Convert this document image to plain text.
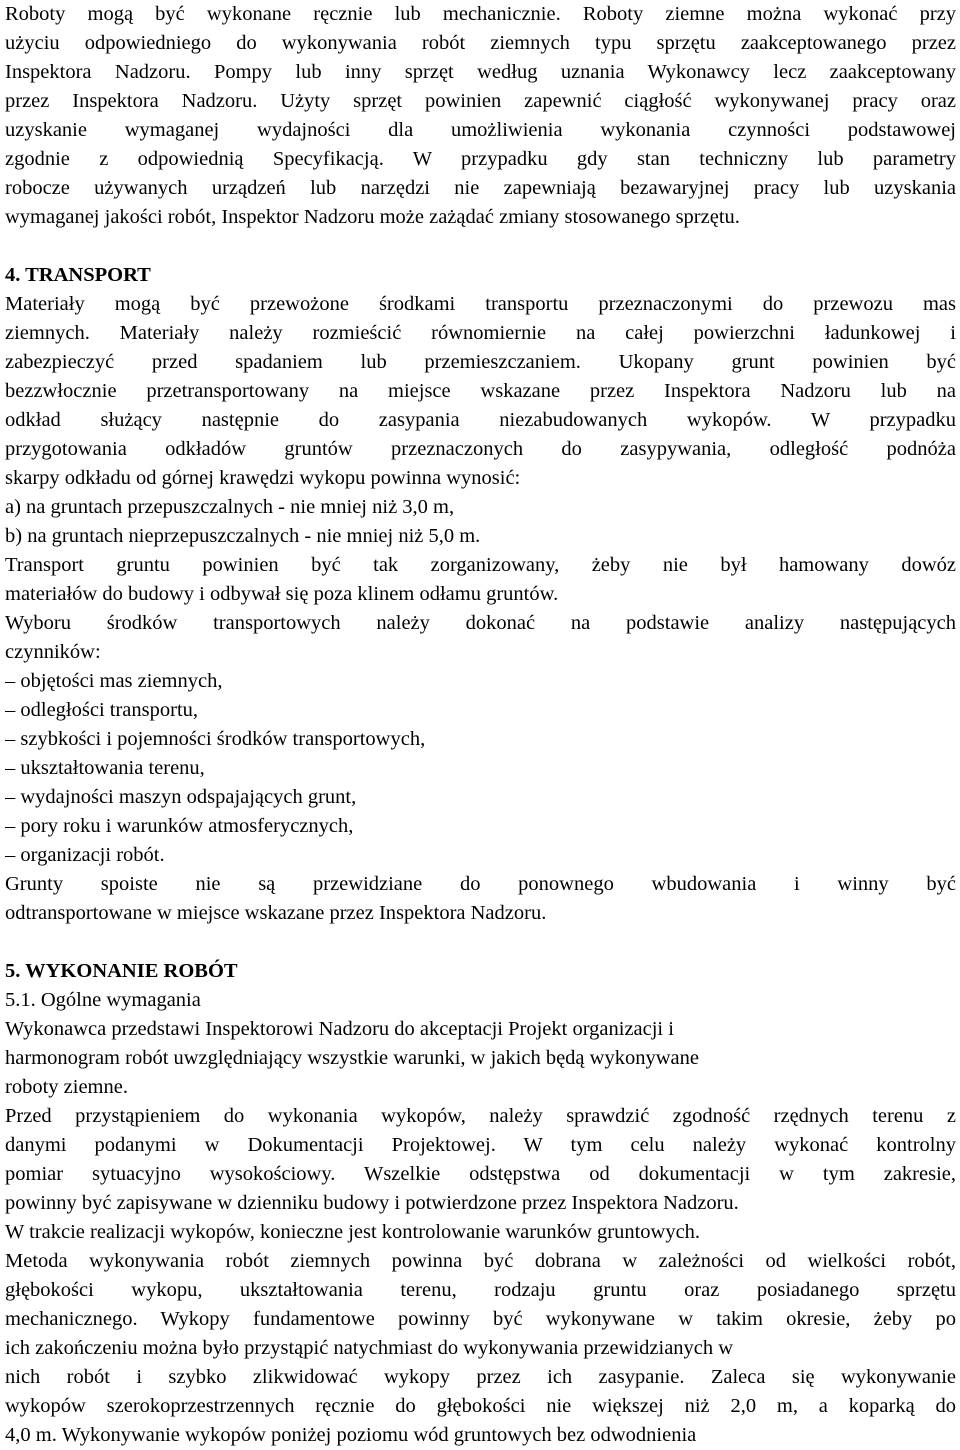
Roboty mogą być wykonane ręcznie lub mechanicznie. Roboty ziemne można wykonać przy
użyciu odpowiedniego do wykonywania robót ziemnych typu sprzętu zaakceptowanego przez
Inspektora Nadzoru. Pompy lub inny sprzęt według uznania Wykonawcy lecz zaakceptowany
przez Inspektora Nadzoru. Użyty sprzęt powinien zapewnić ciągłość wykonywanej pracy oraz
uzyskanie wymaganej wydajności dla umożliwienia wykonania czynności podstawowej
zgodnie z odpowiednią Specyfikacją. W przypadku gdy stan techniczny lub parametry
robocze używanych urządzeń lub narzędzi nie zapewniają bezawaryjnej pracy lub uzyskania
wymaganej jakości robót, Inspektor Nadzoru może zażądać zmiany stosowanego sprzętu.
4. TRANSPORT
Materiały mogą być przewożone środkami transportu przeznaczonymi do przewozu mas
ziemnych. Materiały należy rozmieścić równomiernie na całej powierzchni ładunkowej i
zabezpieczyć przed spadaniem lub przemieszczaniem. Ukopany grunt powinien być
bezzwłocznie przetransportowany na miejsce wskazane przez Inspektora Nadzoru lub na
odkład służący następnie do zasypania niezabudowanych wykopów. W przypadku
przygotowania odkładów gruntów przeznaczonych do zasypywania, odległość podnóża
skarpy odkładu od górnej krawędzi wykopu powinna wynosić:
a) na gruntach przepuszczalnych - nie mniej niż 3,0 m,
b) na gruntach nieprzepuszczalnych - nie mniej niż 5,0 m.
Transport gruntu powinien być tak zorganizowany, żeby nie był hamowany dowóz
materiałów do budowy i odbywał się poza klinem odłamu gruntów.
Wyboru środków transportowych należy dokonać na podstawie analizy następujących
czynników:
– objętości mas ziemnych,
– odległości transportu,
– szybkości i pojemności środków transportowych,
– ukształtowania terenu,
– wydajności maszyn odspajających grunt,
– pory roku i warunków atmosferycznych,
– organizacji robót.
Grunty spoiste nie są przewidziane do ponownego wbudowania i winny być
odtransportowane w miejsce wskazane przez Inspektora Nadzoru.
5. WYKONANIE ROBÓT
5.1. Ogólne wymagania
Wykonawca przedstawi Inspektorowi Nadzoru do akceptacji Projekt organizacji i
harmonogram robót uwzględniający wszystkie warunki, w jakich będą wykonywane
roboty ziemne.
Przed przystąpieniem do wykonania wykopów, należy sprawdzić zgodność rzędnych terenu z
danymi podanymi w Dokumentacji Projektowej. W tym celu należy wykonać kontrolny
pomiar sytuacyjno wysokościowy. Wszelkie odstępstwa od dokumentacji w tym zakresie,
powinny być zapisywane w dzienniku budowy i potwierdzone przez Inspektora Nadzoru.
W trakcie realizacji wykopów, konieczne jest kontrolowanie warunków gruntowych.
Metoda wykonywania robót ziemnych powinna być dobrana w zależności od wielkości robót,
głębokości wykopu, ukształtowania terenu, rodzaju gruntu oraz posiadanego sprzętu
mechanicznego. Wykopy fundamentowe powinny być wykonywane w takim okresie, żeby po
ich zakończeniu można było przystąpić natychmiast do wykonywania przewidzianych w
nich robót i szybko zlikwidować wykopy przez ich zasypanie. Zaleca się wykonywanie
wykopów szerokoprzestrzennych ręcznie do głębokości nie większej niż 2,0 m, a koparką do
4,0 m. Wykonywanie wykopów poniżej poziomu wód gruntowych bez odwodnienia
